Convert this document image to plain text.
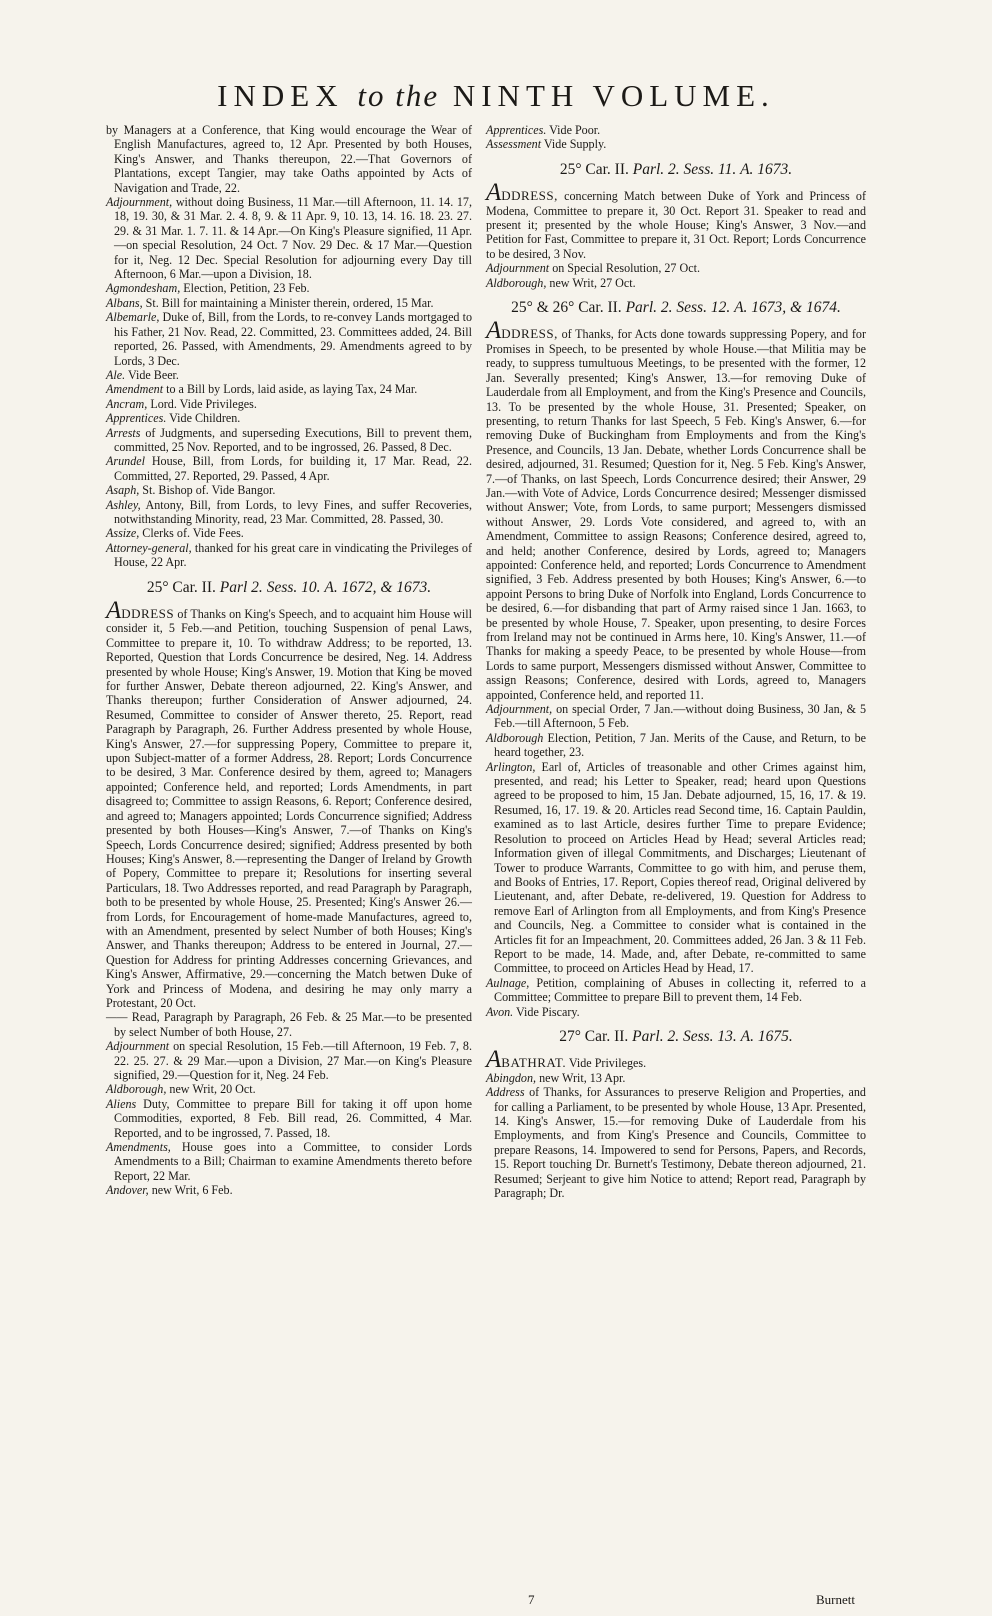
INDEX to the NINTH VOLUME.

by Managers at a Conference, that King would encourage the Wear of English Manufactures, agreed to, 12 Apr. Presented by both Houses, King's Answer, and Thanks thereupon, 22.—That Governors of Plantations, except Tangier, may take Oaths appointed by Acts of Navigation and Trade, 22.

Adjournment, without doing Business, 11 Mar.—till Afternoon, 11. 14. 17, 18, 19. 30, & 31 Mar. 2. 4. 8, 9. & 11 Apr. 9, 10. 13, 14. 16. 18. 23. 27. 29. & 31 Mar. 1. 7. 11. & 14 Apr.—On King's Pleasure signified, 11 Apr.—on special Resolution, 24 Oct. 7 Nov. 29 Dec. & 17 Mar.—Question for it, Neg. 12 Dec. Special Resolution for adjourning every Day till Afternoon, 6 Mar.—upon a Division, 18.

Agmondesham, Election, Petition, 23 Feb.

Albans, St. Bill for maintaining a Minister therein, ordered, 15 Mar.

Albemarle, Duke of, Bill, from the Lords, to re-convey Lands mortgaged to his Father, 21 Nov. Read, 22. Committed, 23. Committees added, 24. Bill reported, 26. Passed, with Amendments, 29. Amendments agreed to by Lords, 3 Dec.

Ale. Vide Beer.

Amendment to a Bill by Lords, laid aside, as laying Tax, 24 Mar.

Ancram, Lord. Vide Privileges.

Apprentices. Vide Children.

Arrests of Judgments, and superseding Executions, Bill to prevent them, committed, 25 Nov. Reported, and to be ingrossed, 26. Passed, 8 Dec.

Arundel House, Bill, from Lords, for building it, 17 Mar. Read, 22. Committed, 27. Reported, 29. Passed, 4 Apr.

Asaph, St. Bishop of. Vide Bangor.

Ashley, Antony, Bill, from Lords, to levy Fines, and suffer Recoveries, notwithstanding Minority, read, 23 Mar. Committed, 28. Passed, 30.

Assize, Clerks of. Vide Fees.

Attorney-general, thanked for his great care in vindicating the Privileges of House, 22 Apr.

25° Car. II. Parl 2. Sess. 10. A. 1672, & 1673.

ADDRESS of Thanks on King's Speech, and to acquaint him House will consider it, 5 Feb.—and Petition, touching Suspension of penal Laws, Committee to prepare it, 10. To withdraw Address; to be reported, 13. Reported, Question that Lords Concurrence be desired, Neg. 14. Address presented by whole House; King's Answer, 19. Motion that King be moved for further Answer, Debate thereon adjourned, 22. King's Answer, and Thanks thereupon; further Consideration of Answer adjourned, 24. Resumed, Committee to consider of Answer thereto, 25. Report, read Paragraph by Paragraph, 26. Further Address presented by whole House, King's Answer, 27.—for suppressing Popery, Committee to prepare it, upon Subject-matter of a former Address, 28. Report; Lords Concurrence to be desired, 3 Mar. Conference desired by them, agreed to; Managers appointed; Conference held, and reported; Lords Amendments, in part disagreed to; Committee to assign Reasons, 6. Report; Conference desired, and agreed to; Managers appointed; Lords Concurrence signified; Address presented by both Houses—King's Answer, 7.—of Thanks on King's Speech, Lords Concurrence desired; signified; Address presented by both Houses; King's Answer, 8.—representing the Danger of Ireland by Growth of Popery, Committee to prepare it; Resolutions for inserting several Particulars, 18. Two Addresses reported, and read Paragraph by Paragraph, both to be presented by whole House, 25. Presented; King's Answer 26.—from Lords, for Encouragement of home-made Manufactures, agreed to, with an Amendment, presented by select Number of both Houses; King's Answer, and Thanks thereupon; Address to be entered in Journal, 27.—Question for Address for printing Addresses concerning Grievances, and King's Answer, Affirmative, 29.—concerning the Match betwen Duke of York and Princess of Modena, and desiring he may only marry a Protestant, 20 Oct.

—— Read, Paragraph by Paragraph, 26 Feb. & 25 Mar.—to be presented by select Number of both House, 27.

Adjournment on special Resolution, 15 Feb.—till Afternoon, 19 Feb. 7, 8. 22. 25. 27. & 29 Mar.—upon a Division, 27 Mar.—on King's Pleasure signified, 29.—Question for it, Neg. 24 Feb.

Aldborough, new Writ, 20 Oct.

Aliens Duty, Committee to prepare Bill for taking it off upon home Commodities, exported, 8 Feb. Bill read, 26. Committed, 4 Mar. Reported, and to be ingrossed, 7. Passed, 18.

Amendments, House goes into a Committee, to consider Lords Amendments to a Bill; Chairman to examine Amendments thereto before Report, 22 Mar.

Andover, new Writ, 6 Feb.

Apprentices. Vide Poor.

Assessment Vide Supply.

25° Car. II. Parl. 2. Sess. 11. A. 1673.

ADDRESS, concerning Match between Duke of York and Princess of Modena, Committee to prepare it, 30 Oct. Report 31. Speaker to read and present it; presented by the whole House; King's Answer, 3 Nov.—and Petition for Fast, Committee to prepare it, 31 Oct. Report; Lords Concurrence to be desired, 3 Nov.

Adjournment on Special Resolution, 27 Oct.

Aldborough, new Writ, 27 Oct.

25° & 26° Car. II. Parl. 2. Sess. 12. A. 1673, & 1674.

ADDRESS, of Thanks, for Acts done towards suppressing Popery, and for Promises in Speech, to be presented by whole House.—that Militia may be ready, to suppress tumultuous Meetings, to be presented with the former, 12 Jan. Severally presented; King's Answer, 13.—for removing Duke of Lauderdale from all Employment, and from the King's Presence and Councils, 13. To be presented by the whole House, 31. Presented; Speaker, on presenting, to return Thanks for last Speech, 5 Feb. King's Answer, 6.—for removing Duke of Buckingham from Employments and from the King's Presence, and Councils, 13 Jan. Debate, whether Lords Concurrence shall be desired, adjourned, 31. Resumed; Question for it, Neg. 5 Feb. King's Answer, 7.—of Thanks, on last Speech, Lords Concurrence desired; their Answer, 29 Jan.—with Vote of Advice, Lords Concurrence desired; Messenger dismissed without Answer; Vote, from Lords, to same purport; Messengers dismissed without Answer, 29. Lords Vote considered, and agreed to, with an Amendment, Committee to assign Reasons; Conference desired, agreed to, and held; another Conference, desired by Lords, agreed to; Managers appointed: Conference held, and reported; Lords Concurrence to Amendment signified, 3 Feb. Address presented by both Houses; King's Answer, 6.—to appoint Persons to bring Duke of Norfolk into England, Lords Concurrence to be desired, 6.—for disbanding that part of Army raised since 1 Jan. 1663, to be presented by whole House, 7. Speaker, upon presenting, to desire Forces from Ireland may not be continued in Arms here, 10. King's Answer, 11.—of Thanks for making a speedy Peace, to be presented by whole House—from Lords to same purport, Messengers dismissed without Answer, Committee to assign Reasons; Conference, desired with Lords, agreed to, Managers appointed, Conference held, and reported 11.

Adjournment, on special Order, 7 Jan.—without doing Business, 30 Jan, & 5 Feb.—till Afternoon, 5 Feb.

Aldborough Election, Petition, 7 Jan. Merits of the Cause, and Return, to be heard together, 23.

Arlington, Earl of, Articles of treasonable and other Crimes against him, presented, and read; his Letter to Speaker, read; heard upon Questions agreed to be proposed to him, 15 Jan. Debate adjourned, 15, 16, 17. & 19. Resumed, 16, 17. 19. & 20. Articles read Second time, 16. Captain Pauldin, examined as to last Article, desires further Time to prepare Evidence; Resolution to proceed on Articles Head by Head; several Articles read; Information given of illegal Commitments, and Discharges; Lieutenant of Tower to produce Warrants, Committee to go with him, and peruse them, and Books of Entries, 17. Report, Copies thereof read, Original delivered by Lieutenant, and, after Debate, re-delivered, 19. Question for Address to remove Earl of Arlington from all Employments, and from King's Presence and Councils, Neg. a Committee to consider what is contained in the Articles fit for an Impeachment, 20. Committees added, 26 Jan. 3 & 11 Feb. Report to be made, 14. Made, and, after Debate, re-committed to same Committee, to proceed on Articles Head by Head, 17.

Aulnage, Petition, complaining of Abuses in collecting it, referred to a Committee; Committee to prepare Bill to prevent them, 14 Feb.

Avon. Vide Piscary.

27° Car. II. Parl. 2. Sess. 13. A. 1675.

ABATHRAT. Vide Privileges.

Abingdon, new Writ, 13 Apr.

Address of Thanks, for Assurances to preserve Religion and Properties, and for calling a Parliament, to be presented by whole House, 13 Apr. Presented, 14. King's Answer, 15.—for removing Duke of Lauderdale from his Employments, and from King's Presence and Councils, Committee to prepare Reasons, 14. Impowered to send for Persons, Papers, and Records, 15. Report touching Dr. Burnett's Testimony, Debate thereon adjourned, 21. Resumed; Serjeant to give him Notice to attend; Report read, Paragraph by Paragraph; Dr.

7	Burnett
